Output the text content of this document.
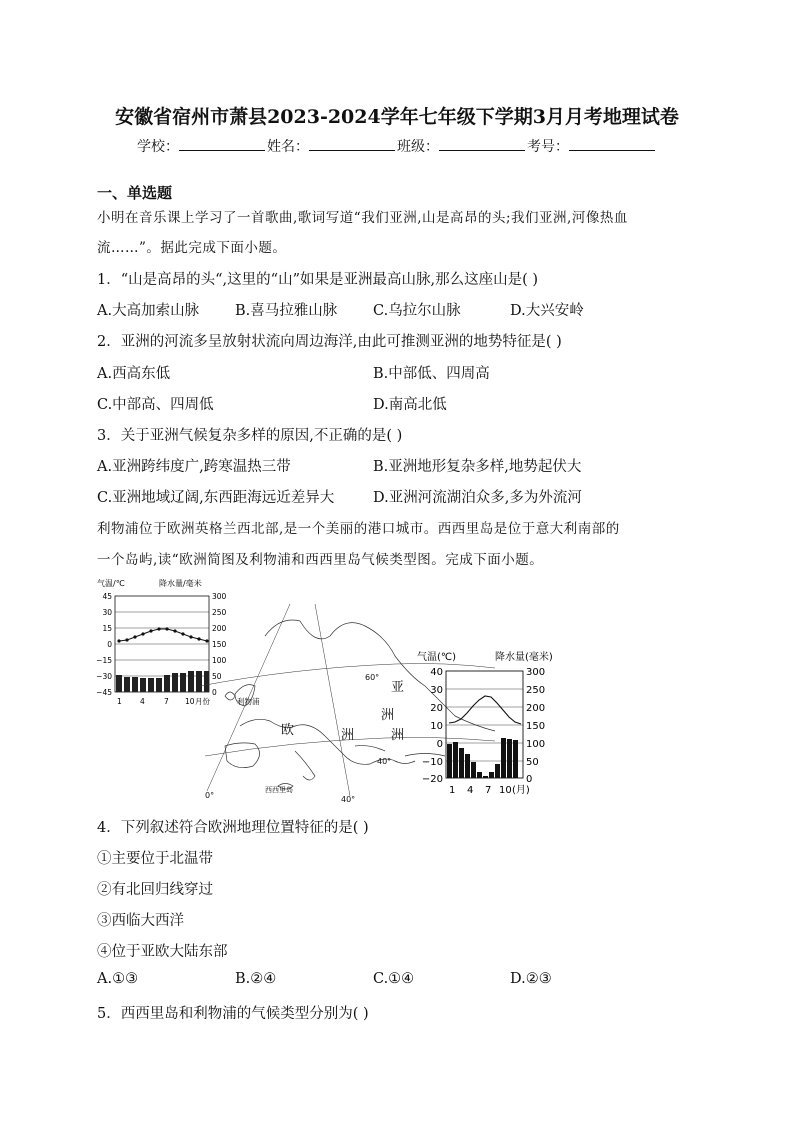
安徽省宿州市萧县2023-2024学年七年级下学期3月月考地理试卷
学校：	姓名：	班级：	考号：
一、单选题
小明在音乐课上学习了一首歌曲,歌词写道“我们亚洲,山是高昂的头;我们亚洲,河像热血
流……”。据此完成下面小题。
1．“山是高昂的头“,这里的“山”如果是亚洲最高山脉,那么这座山是( )
A.大高加索山脉 B.喜马拉雅山脉 C.乌拉尔山脉	D.大兴安岭
2．亚洲的河流多呈放射状流向周边海洋,由此可推测亚洲的地势特征是( )
A.西高东低	B.中部低、四周高
C.中部高、四周低	D.南高北低
3．关于亚洲气候复杂多样的原因,不正确的是( )
A.亚洲跨纬度广,跨寒温热三带	B.亚洲地形复杂多样,地势起伏大
C.亚洲地域辽阔,东西距海远近差异大	D.亚洲河流湖泊众多,多为外流河
利物浦位于欧洲英格兰西北部,是一个美丽的港口城市。西西里岛是位于意大利南部的
一个岛屿,读“欧洲简图及利物浦和西西里岛气候类型图。完成下面小题。
气温/℃	降水量/毫米
45
30
15
0
−15
−30
−45
300
250
200
150
100
50
0
1 4	7 10 月份	利物浦
欧	洲
亚
洲
洲
60°
40°
0°	40°
西西里岛
气温(℃)	降水量(毫米)
40
30
20
10
0
−10
−20
300
250
200
150
100
50
0
1 4 7 10 (月)
4．下列叙述符合欧洲地理位置特征的是( )
①主要位于北温带
②有北回归线穿过
③西临大西洋
④位于亚欧大陆东部
A.①③	B.②④	C.①④	D.②③
5．西西里岛和利物浦的气候类型分别为( )
